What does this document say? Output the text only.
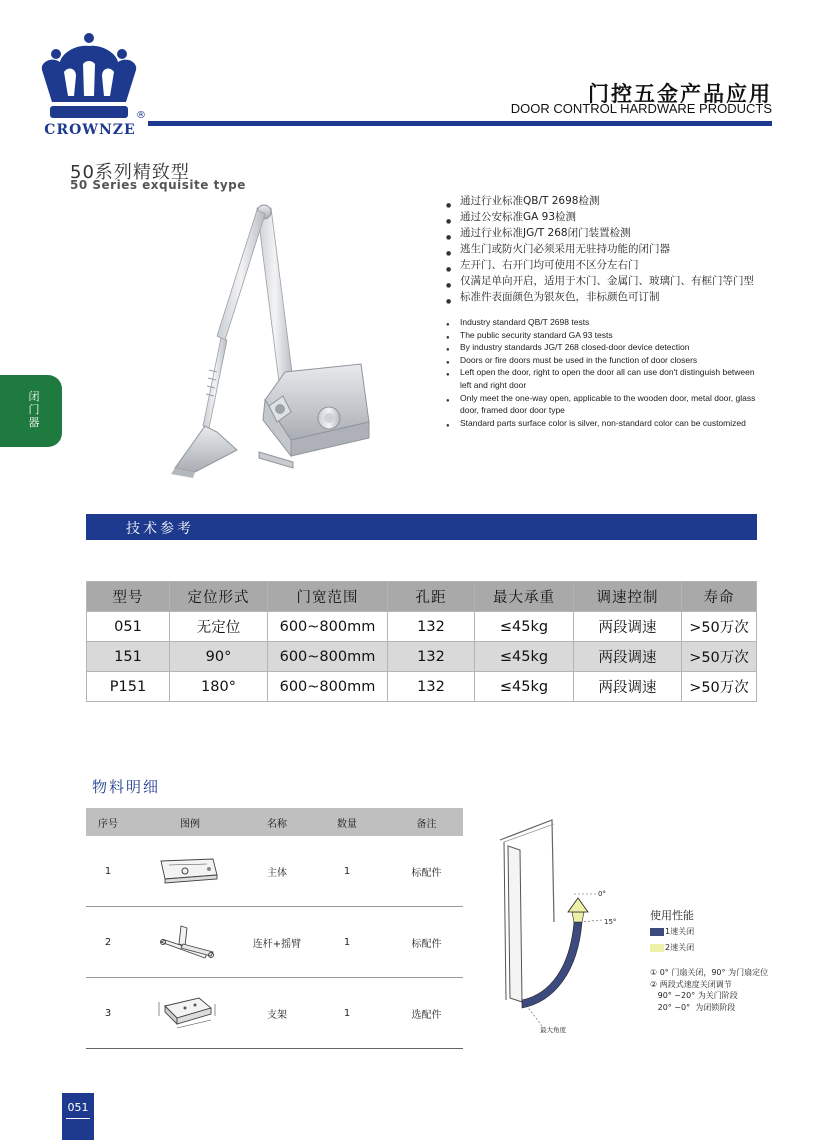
CROWNZE
®
门控五金产品应用
DOOR CONTROL HARDWARE PRODUCTS
50系列精致型
50 Series exquisite type
闭
门
器
● 通过行业标准QB/T 2698检测
● 通过公安标准GA 93检测
● 通过行业标准JG/T 268闭门装置检测
● 逃生门或防火门必须采用无驻持功能的闭门器
● 左开门、右开门均可使用不区分左右门
● 仅满足单向开启，适用于木门、金属门、玻璃门、有框门等门型
● 标准件表面颜色为银灰色，非标颜色可订制
● Industry standard QB/T 2698 tests
● The public security standard GA 93 tests
● By industry standards JG/T 268 closed-door device detection
● Doors or fire doors must be used in the function of door closers
● Left open the door, right to open the door all can use don't distinguish between left and right door
● Only meet the one-way open, applicable to the wooden door, metal door, glass door, framed door door type
● Standard parts surface color is silver, non-standard color can be customized
技术参考
型号	定位形式	门宽范围	孔距	最大承重	调速控制	寿命
051	无定位	600~800mm	132	≤45kg	两段调速	>50万次
151	90°	600~800mm	132	≤45kg	两段调速	>50万次
P151	180°	600~800mm	132	≤45kg	两段调速	>50万次
物料明细
序号	图例	名称	数量	备注
1		主体	1	标配件
2		连杆+摇臂	1	标配件
3		支架	1	选配件
0°
15°
最大角度
使用性能
1速关闭
2速关闭
① 0° 门扇关闭，90° 为门扇定位
② 两段式速度关闭调节
90° ~20° 为关门阶段
20° ~0°  为闭锁阶段
051
